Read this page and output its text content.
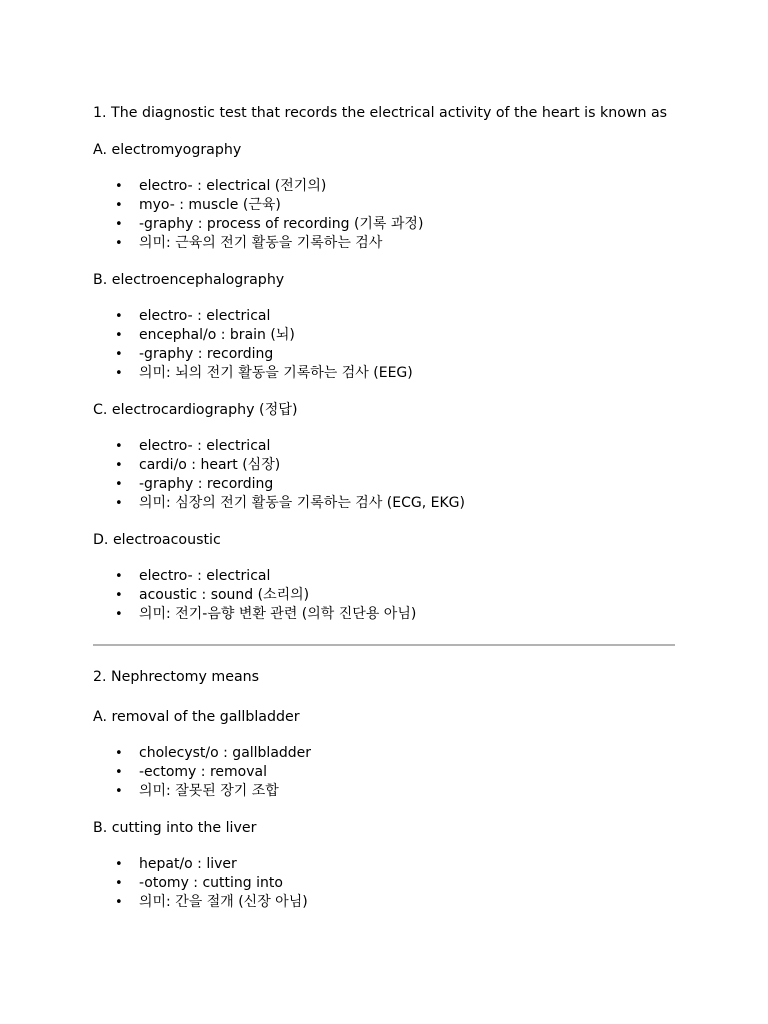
1. The diagnostic test that records the electrical activity of the heart is known as
A. electromyography
• electro- : electrical (전기의)
• myo- : muscle (근육)
• -graphy : process of recording (기록 과정)
• 의미: 근육의 전기 활동을 기록하는 검사
B. electroencephalography
• electro- : electrical
• encephal/o : brain (뇌)
• -graphy : recording
• 의미: 뇌의 전기 활동을 기록하는 검사 (EEG)
C. electrocardiography (정답)
• electro- : electrical
• cardi/o : heart (심장)
• -graphy : recording
• 의미: 심장의 전기 활동을 기록하는 검사 (ECG, EKG)
D. electroacoustic
• electro- : electrical
• acoustic : sound (소리의)
• 의미: 전기-음향 변환 관련 (의학 진단용 아님)
2. Nephrectomy means
A. removal of the gallbladder
• cholecyst/o : gallbladder
• -ectomy : removal
• 의미: 잘못된 장기 조합
B. cutting into the liver
• hepat/o : liver
• -otomy : cutting into
• 의미: 간을 절개 (신장 아님)
